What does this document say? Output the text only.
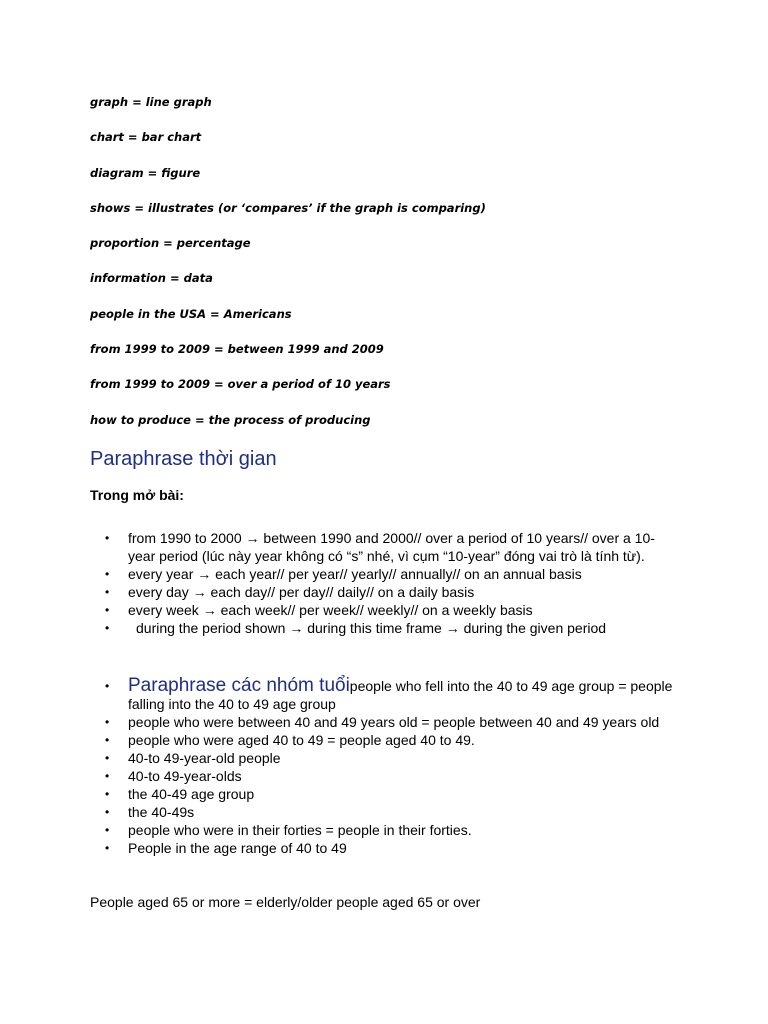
graph = line graph
chart = bar chart
diagram = figure
shows = illustrates (or ‘compares’ if the graph is comparing)
proportion = percentage
information = data
people in the USA = Americans
from 1999 to 2009 = between 1999 and 2009
from 1999 to 2009 = over a period of 10 years
how to produce = the process of producing
Paraphrase thời gian
Trong mở bài:
• from 1990 to 2000 → between 1990 and 2000// over a period of 10 years// over a 10-year period (lúc này year không có “s” nhé, vì cụm “10-year” đóng vai trò là tính từ).
• every year → each year// per year// yearly// annually// on an annual basis
• every day → each day// per day// daily// on a daily basis
• every week → each week// per week// weekly// on a weekly basis
• during the period shown → during this time frame → during the given period
• Paraphrase các nhóm tuổipeople who fell into the 40 to 49 age group = people falling into the 40 to 49 age group
• people who were between 40 and 49 years old = people between 40 and 49 years old
• people who were aged 40 to 49 = people aged 40 to 49.
• 40-to 49-year-old people
• 40-to 49-year-olds
• the 40-49 age group
• the 40-49s
• people who were in their forties = people in their forties.
• People in the age range of 40 to 49

People aged 65 or more = elderly/older people aged 65 or over
